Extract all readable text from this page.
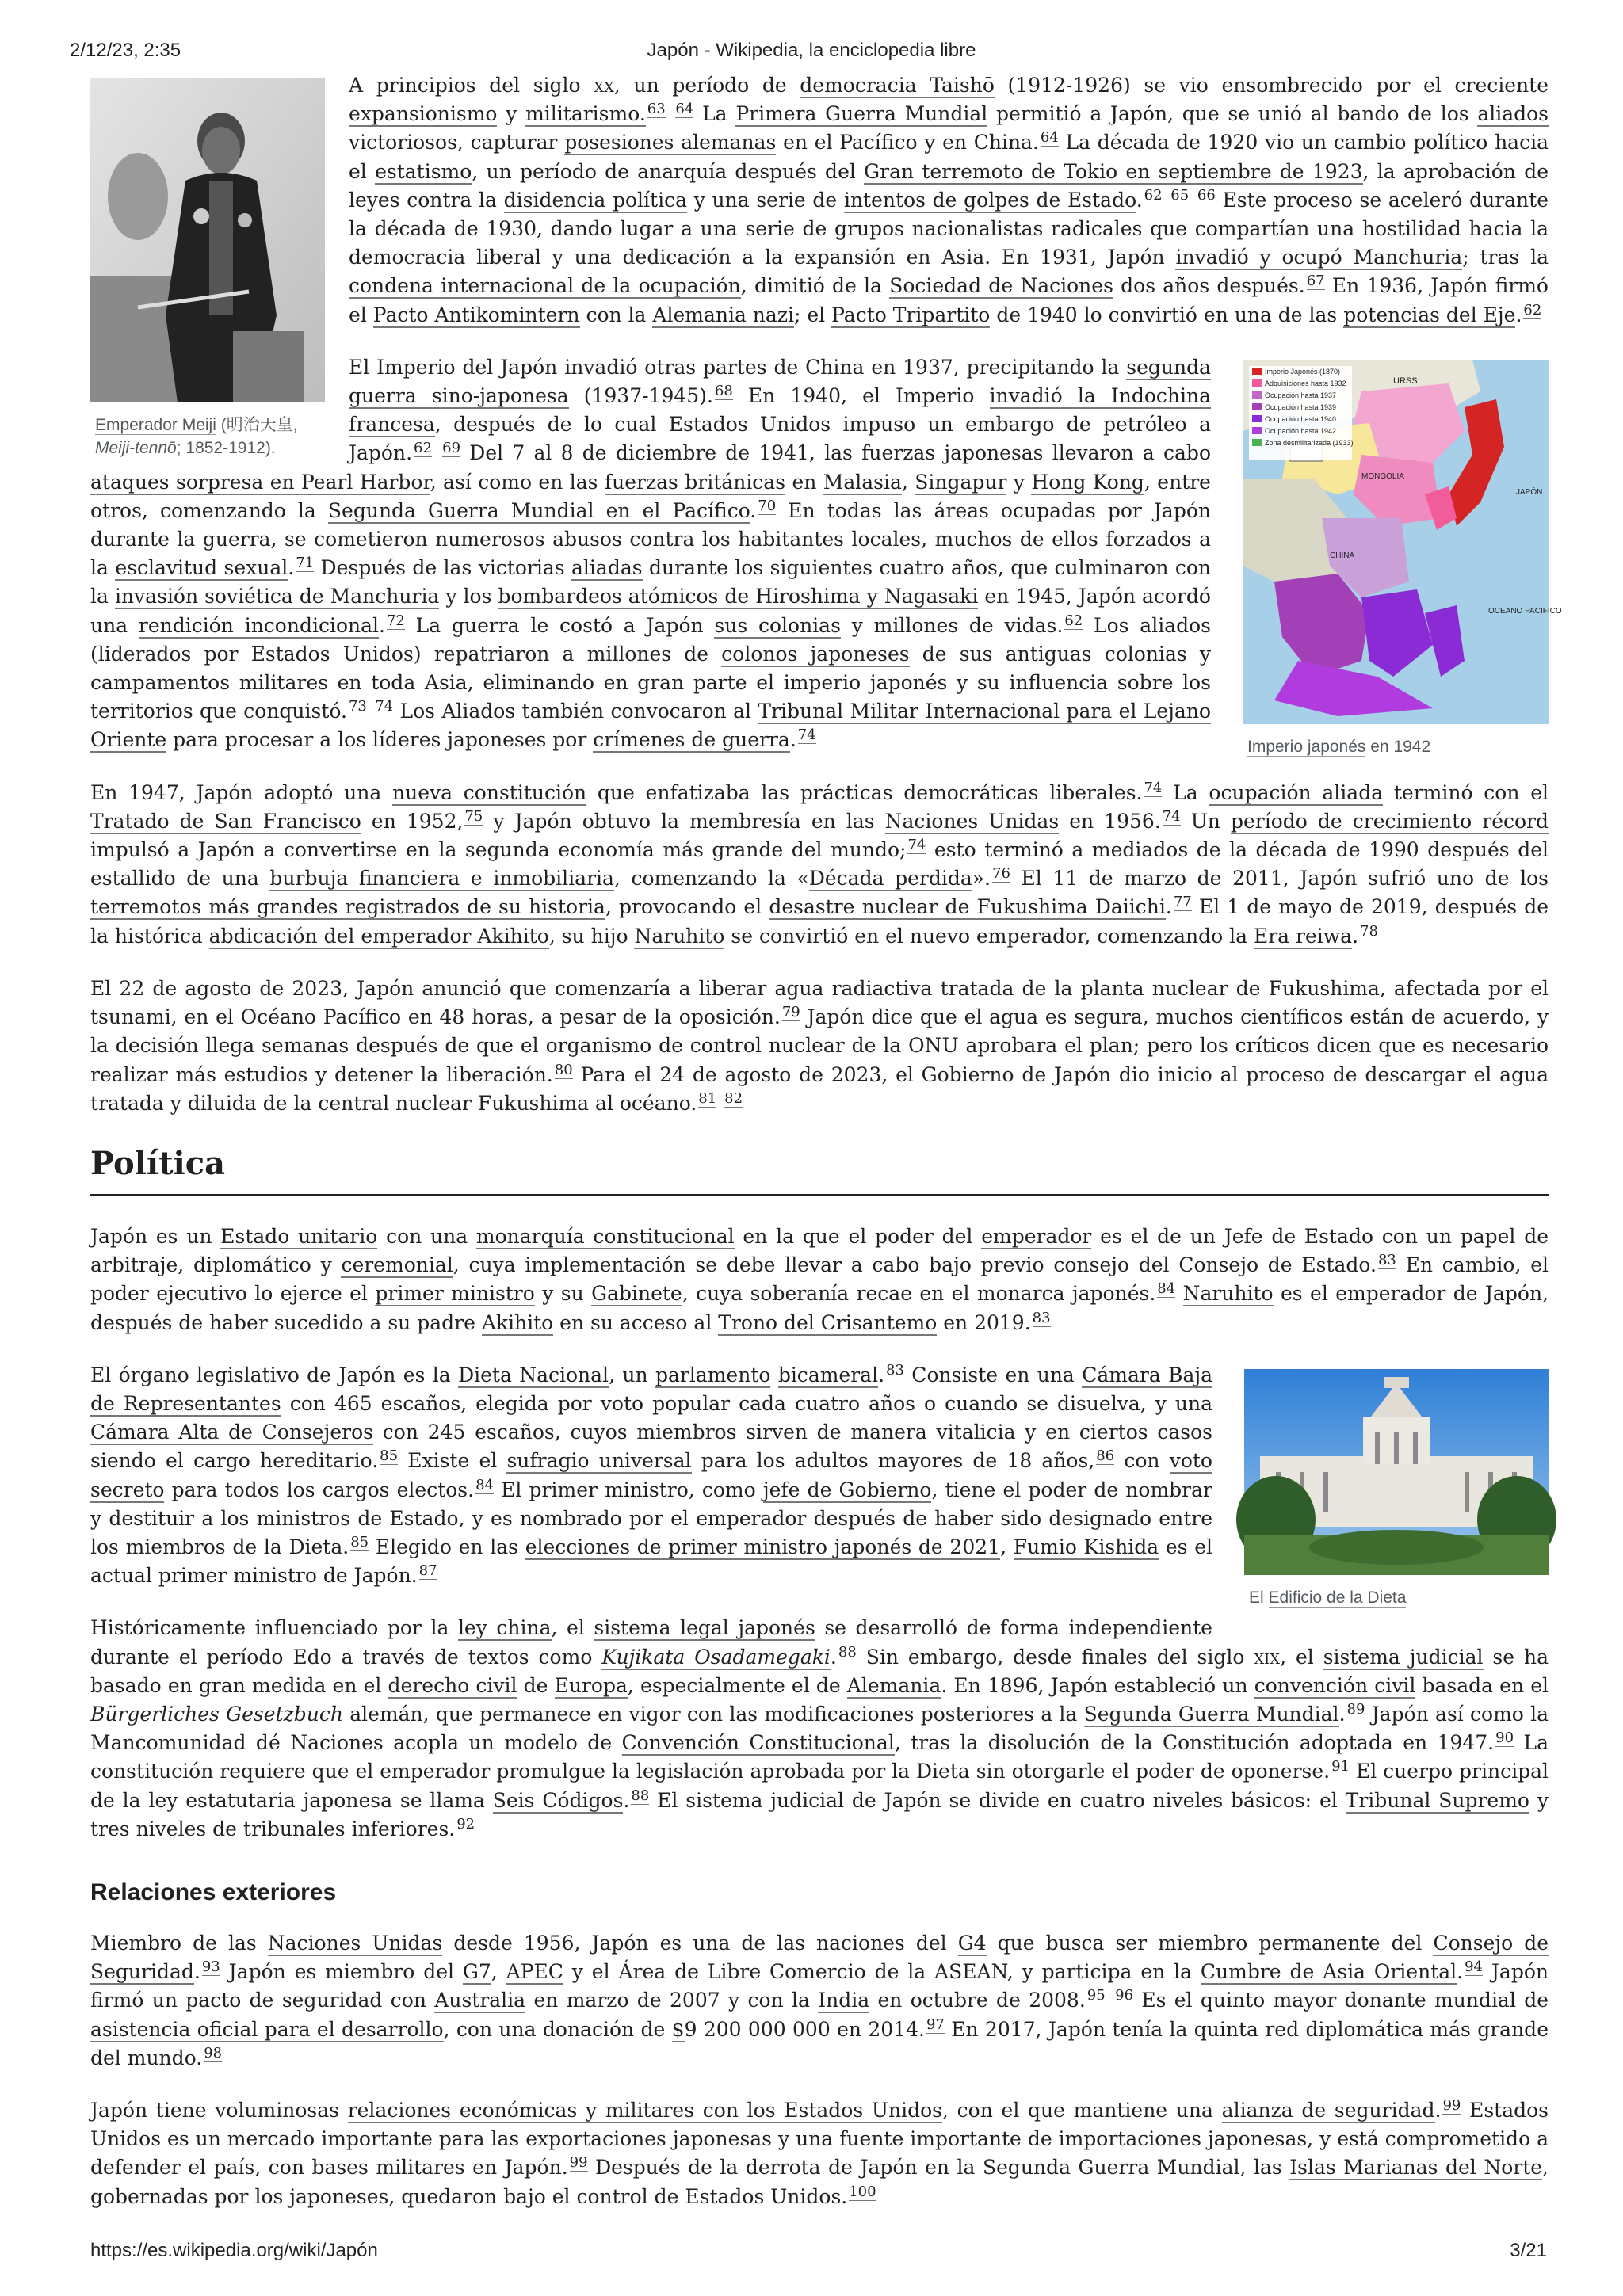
2/12/23, 2:35	Japón - Wikipedia, la enciclopedia libre
Emperador Meiji (明治天皇, Meiji-tennō; 1852-1912).

A principios del siglo xx, un período de democracia Taishō (1912-1926) se vio ensombrecido por el creciente expansionismo y militarismo. $^{63}$ $^{64}$ La Primera Guerra Mundial permitió a Japón, que se unió al bando de los aliados victoriosos, capturar posesiones alemanas en el Pacífico y en China. $^{64}$ La década de 1920 vio un cambio político hacia el estatismo, un período de anarquía después del Gran terremoto de Tokio en septiembre de 1923, la aprobación de leyes contra la disidencia política y una serie de intentos de golpes de Estado. $^{62}$ $^{65}$ $^{66}$ Este proceso se aceleró durante la década de 1930, dando lugar a una serie de grupos nacionalistas radicales que compartían una hostilidad hacia la democracia liberal y una dedicación a la expansión en Asia. En 1931, Japón invadió y ocupó Manchuria; tras la condena internacional de la ocupación, dimitió de la Sociedad de Naciones dos años después. $^{67}$ En 1936, Japón firmó el Pacto Antikomintern con la Alemania nazi; el Pacto Tripartito de 1940 lo convirtió en una de las potencias del Eje. $^{62}$

Imperio Japonés (1870)
Adquisiciones hasta 1932
Ocupación hasta 1937
Ocupación hasta 1939
Ocupación hasta 1940
Ocupación hasta 1942
Zona desmilitarizada (1933)
URSS
MONGOLIA
JAPÓN
CHINA
OCEANO PACIFICO
Imperio japonés en 1942

El Imperio del Japón invadió otras partes de China en 1937, precipitando la segunda guerra sino-japonesa (1937-1945). $^{68}$ En 1940, el Imperio invadió la Indochina francesa, después de lo cual Estados Unidos impuso un embargo de petróleo a Japón. $^{62}$ $^{69}$ Del 7 al 8 de diciembre de 1941, las fuerzas japonesas llevaron a cabo ataques sorpresa en Pearl Harbor, así como en las fuerzas británicas en Malasia, Singapur y Hong Kong, entre otros, comenzando la Segunda Guerra Mundial en el Pacífico. $^{70}$ En todas las áreas ocupadas por Japón durante la guerra, se cometieron numerosos abusos contra los habitantes locales, muchos de ellos forzados a la esclavitud sexual. $^{71}$ Después de las victorias aliadas durante los siguientes cuatro años, que culminaron con la invasión soviética de Manchuria y los bombardeos atómicos de Hiroshima y Nagasaki en 1945, Japón acordó una rendición incondicional. $^{72}$ La guerra le costó a Japón sus colonias y millones de vidas. $^{62}$ Los aliados (liderados por Estados Unidos) repatriaron a millones de colonos japoneses de sus antiguas colonias y campamentos militares en toda Asia, eliminando en gran parte el imperio japonés y su influencia sobre los territorios que conquistó. $^{73}$ $^{74}$ Los Aliados también convocaron al Tribunal Militar Internacional para el Lejano Oriente para procesar a los líderes japoneses por crímenes de guerra. $^{74}$

En 1947, Japón adoptó una nueva constitución que enfatizaba las prácticas democráticas liberales. $^{74}$ La ocupación aliada terminó con el Tratado de San Francisco en 1952, $^{75}$ y Japón obtuvo la membresía en las Naciones Unidas en 1956. $^{74}$ Un período de crecimiento récord impulsó a Japón a convertirse en la segunda economía más grande del mundo; $^{74}$ esto terminó a mediados de la década de 1990 después del estallido de una burbuja financiera e inmobiliaria, comenzando la «Década perdida». $^{76}$ El 11 de marzo de 2011, Japón sufrió uno de los terremotos más grandes registrados de su historia, provocando el desastre nuclear de Fukushima Daiichi. $^{77}$ El 1 de mayo de 2019, después de la histórica abdicación del emperador Akihito, su hijo Naruhito se convirtió en el nuevo emperador, comenzando la Era reiwa. $^{78}$

El 22 de agosto de 2023, Japón anunció que comenzaría a liberar agua radiactiva tratada de la planta nuclear de Fukushima, afectada por el tsunami, en el Océano Pacífico en 48 horas, a pesar de la oposición. $^{79}$ Japón dice que el agua es segura, muchos científicos están de acuerdo, y la decisión llega semanas después de que el organismo de control nuclear de la ONU aprobara el plan; pero los críticos dicen que es necesario realizar más estudios y detener la liberación. $^{80}$ Para el 24 de agosto de 2023, el Gobierno de Japón dio inicio al proceso de descargar el agua tratada y diluida de la central nuclear Fukushima al océano. $^{81}$ $^{82}$

Política

Japón es un Estado unitario con una monarquía constitucional en la que el poder del emperador es el de un Jefe de Estado con un papel de arbitraje, diplomático y ceremonial, cuya implementación se debe llevar a cabo bajo previo consejo del Consejo de Estado. $^{83}$ En cambio, el poder ejecutivo lo ejerce el primer ministro y su Gabinete, cuya soberanía recae en el monarca japonés. $^{84}$ Naruhito es el emperador de Japón, después de haber sucedido a su padre Akihito en su acceso al Trono del Crisantemo en 2019. $^{83}$

El Edificio de la Dieta

El órgano legislativo de Japón es la Dieta Nacional, un parlamento bicameral. $^{83}$ Consiste en una Cámara Baja de Representantes con 465 escaños, elegida por voto popular cada cuatro años o cuando se disuelva, y una Cámara Alta de Consejeros con 245 escaños, cuyos miembros sirven de manera vitalicia y en ciertos casos siendo el cargo hereditario. $^{85}$ Existe el sufragio universal para los adultos mayores de 18 años, $^{86}$ con voto secreto para todos los cargos electos. $^{84}$ El primer ministro, como jefe de Gobierno, tiene el poder de nombrar y destituir a los ministros de Estado, y es nombrado por el emperador después de haber sido designado entre los miembros de la Dieta. $^{85}$ Elegido en las elecciones de primer ministro japonés de 2021, Fumio Kishida es el actual primer ministro de Japón. $^{87}$

Históricamente influenciado por la ley china, el sistema legal japonés se desarrolló de forma independiente durante el período Edo a través de textos como Kujikata Osadamegaki. $^{88}$ Sin embargo, desde finales del siglo xix, el sistema judicial se ha basado en gran medida en el derecho civil de Europa, especialmente el de Alemania. En 1896, Japón estableció un convención civil basada en el Bürgerliches Gesetzbuch alemán, que permanece en vigor con las modificaciones posteriores a la Segunda Guerra Mundial. $^{89}$ Japón así como la Mancomunidad dé Naciones acopla un modelo de Convención Constitucional, tras la disolución de la Constitución adoptada en 1947. $^{90}$ La constitución requiere que el emperador promulgue la legislación aprobada por la Dieta sin otorgarle el poder de oponerse. $^{91}$ El cuerpo principal de la ley estatutaria japonesa se llama Seis Códigos. $^{88}$ El sistema judicial de Japón se divide en cuatro niveles básicos: el Tribunal Supremo y tres niveles de tribunales inferiores. $^{92}$

Relaciones exteriores

Miembro de las Naciones Unidas desde 1956, Japón es una de las naciones del G4 que busca ser miembro permanente del Consejo de Seguridad. $^{93}$ Japón es miembro del G7, APEC y el Área de Libre Comercio de la ASEAN, y participa en la Cumbre de Asia Oriental. $^{94}$ Japón firmó un pacto de seguridad con Australia en marzo de 2007 y con la India en octubre de 2008. $^{95}$ $^{96}$ Es el quinto mayor donante mundial de asistencia oficial para el desarrollo, con una donación de $9 200 000 000 en 2014. $^{97}$ En 2017, Japón tenía la quinta red diplomática más grande del mundo. $^{98}$

Japón tiene voluminosas relaciones económicas y militares con los Estados Unidos, con el que mantiene una alianza de seguridad. $^{99}$ Estados Unidos es un mercado importante para las exportaciones japonesas y una fuente importante de importaciones japonesas, y está comprometido a defender el país, con bases militares en Japón. $^{99}$ Después de la derrota de Japón en la Segunda Guerra Mundial, las Islas Marianas del Norte, gobernadas por los japoneses, quedaron bajo el control de Estados Unidos. $^{100}$

https://es.wikipedia.org/wiki/Japón	3/21
